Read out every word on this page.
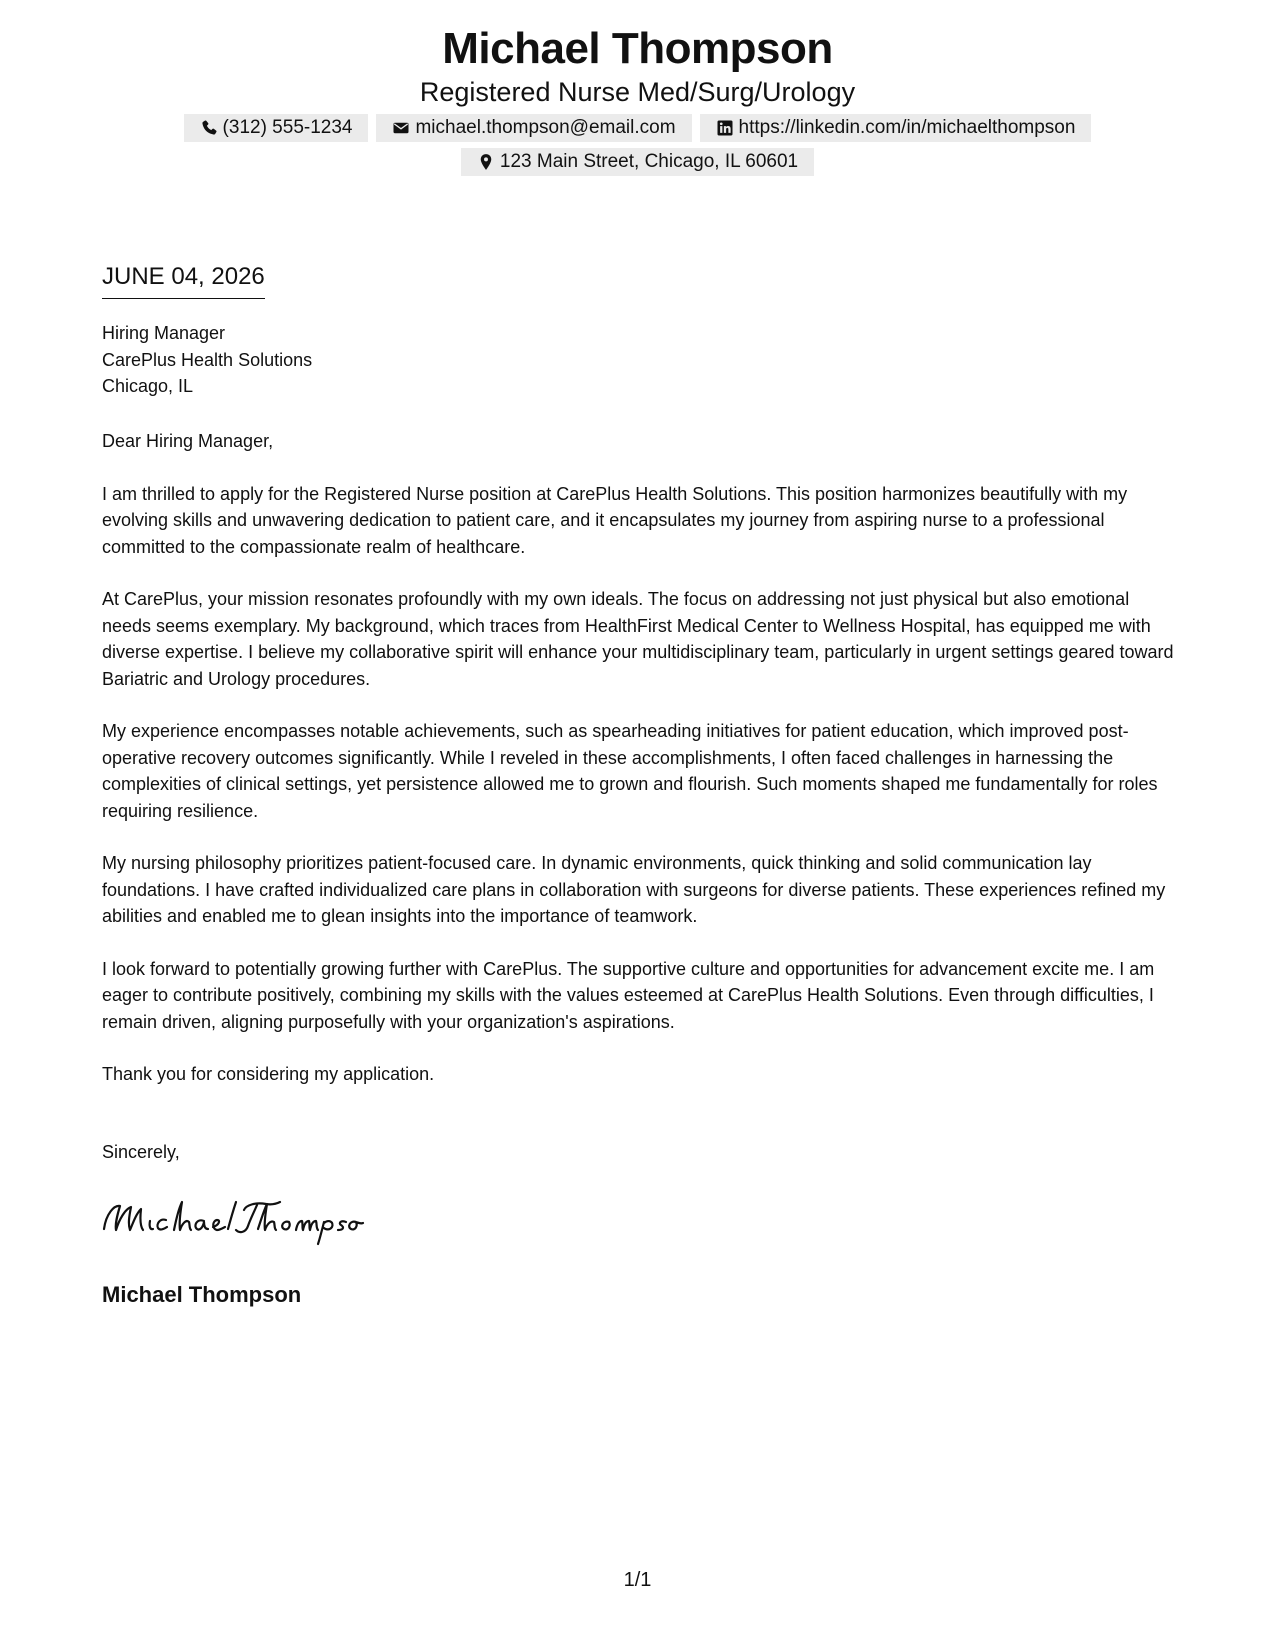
Michael Thompson
Registered Nurse Med/Surg/Urology
(312) 555-1234	michael.thompson@email.com	https://linkedin.com/in/michaelthompson
123 Main Street, Chicago, IL 60601
JUNE 04, 2026
Hiring Manager
CarePlus Health Solutions
Chicago, IL

Dear Hiring Manager,

I am thrilled to apply for the Registered Nurse position at CarePlus Health Solutions. This position harmonizes beautifully with my evolving skills and unwavering dedication to patient care, and it encapsulates my journey from aspiring nurse to a professional committed to the compassionate realm of healthcare.

At CarePlus, your mission resonates profoundly with my own ideals. The focus on addressing not just physical but also emotional needs seems exemplary. My background, which traces from HealthFirst Medical Center to Wellness Hospital, has equipped me with diverse expertise. I believe my collaborative spirit will enhance your multidisciplinary team, particularly in urgent settings geared toward Bariatric and Urology procedures.

My experience encompasses notable achievements, such as spearheading initiatives for patient education, which improved post-operative recovery outcomes significantly. While I reveled in these accomplishments, I often faced challenges in harnessing the complexities of clinical settings, yet persistence allowed me to grown and flourish. Such moments shaped me fundamentally for roles requiring resilience.

My nursing philosophy prioritizes patient-focused care. In dynamic environments, quick thinking and solid communication lay foundations. I have crafted individualized care plans in collaboration with surgeons for diverse patients. These experiences refined my abilities and enabled me to glean insights into the importance of teamwork.

I look forward to potentially growing further with CarePlus. The supportive culture and opportunities for advancement excite me. I am eager to contribute positively, combining my skills with the values esteemed at CarePlus Health Solutions. Even through difficulties, I remain driven, aligning purposefully with your organization's aspirations.

Thank you for considering my application.

Sincerely,
Michael Thompson
1/1
